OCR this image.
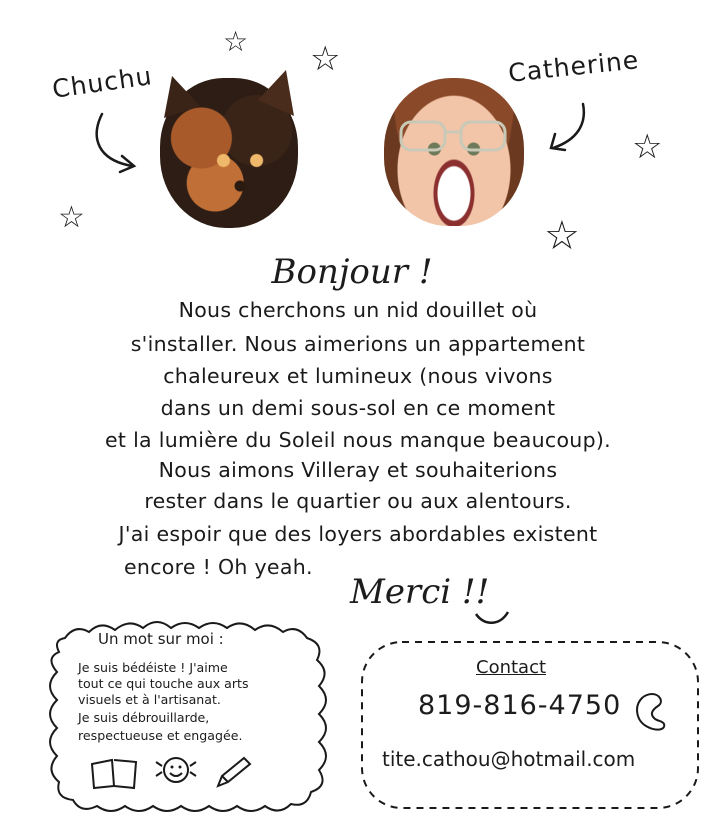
Chuchu	Catherine
☆ ☆
☆
☆	☆
Bonjour !
Nous cherchons un nid douillet où
s'installer. Nous aimerions un appartement
chaleureux et lumineux (nous vivons
dans un demi sous-sol en ce moment
et la lumière du Soleil nous manque beaucoup).
Nous aimons Villeray et souhaiterions
rester dans le quartier ou aux alentours.
J'ai espoir que des loyers abordables existent
encore ! Oh yeah.
Merci !!
Un mot sur moi :
Je suis bédéiste ! J'aime
tout ce qui touche aux arts
visuels et à l'artisanat.
Je suis débrouillarde,
respectueuse et engagée.
Contact
819-816-4750
tite.cathou@hotmail.com
